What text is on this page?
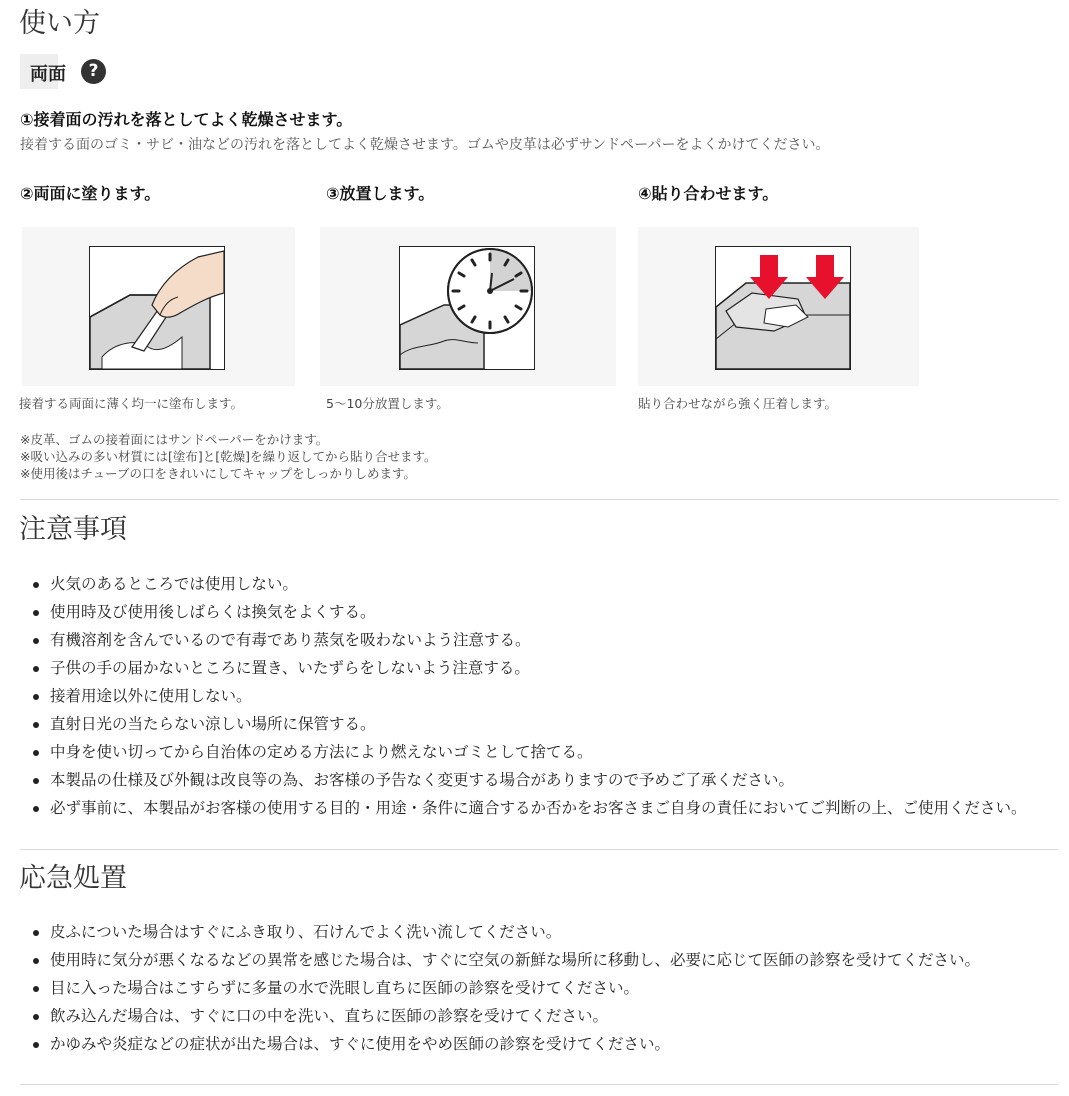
使い方
両面	?
①接着面の汚れを落としてよく乾燥させます。
接着する面のゴミ・サビ・油などの汚れを落としてよく乾燥させます。ゴムや皮革は必ずサンドペーパーをよくかけてください。
②両面に塗ります。	③放置します。	④貼り合わせます。
接着する両面に薄く均一に塗布します。	5〜10分放置します。	貼り合わせながら強く圧着します。
※皮革、ゴムの接着面にはサンドペーパーをかけます。
※吸い込みの多い材質には[塗布]と[乾燥]を繰り返してから貼り合せます。
※使用後はチューブの口をきれいにしてキャップをしっかりしめます。
注意事項
火気のあるところでは使用しない。
使用時及び使用後しばらくは換気をよくする。
有機溶剤を含んでいるので有毒であり蒸気を吸わないよう注意する。
子供の手の届かないところに置き、いたずらをしないよう注意する。
接着用途以外に使用しない。
直射日光の当たらない涼しい場所に保管する。
中身を使い切ってから自治体の定める方法により燃えないゴミとして捨てる。
本製品の仕様及び外観は改良等の為、お客様の予告なく変更する場合がありますので予めご了承ください。
必ず事前に、本製品がお客様の使用する目的・用途・条件に適合するか否かをお客さまご自身の責任においてご判断の上、ご使用ください。
応急処置
皮ふについた場合はすぐにふき取り、石けんでよく洗い流してください。
使用時に気分が悪くなるなどの異常を感じた場合は、すぐに空気の新鮮な場所に移動し、必要に応じて医師の診察を受けてください。
目に入った場合はこすらずに多量の水で洗眼し直ちに医師の診察を受けてください。
飲み込んだ場合は、すぐに口の中を洗い、直ちに医師の診察を受けてください。
かゆみや炎症などの症状が出た場合は、すぐに使用をやめ医師の診察を受けてください。
